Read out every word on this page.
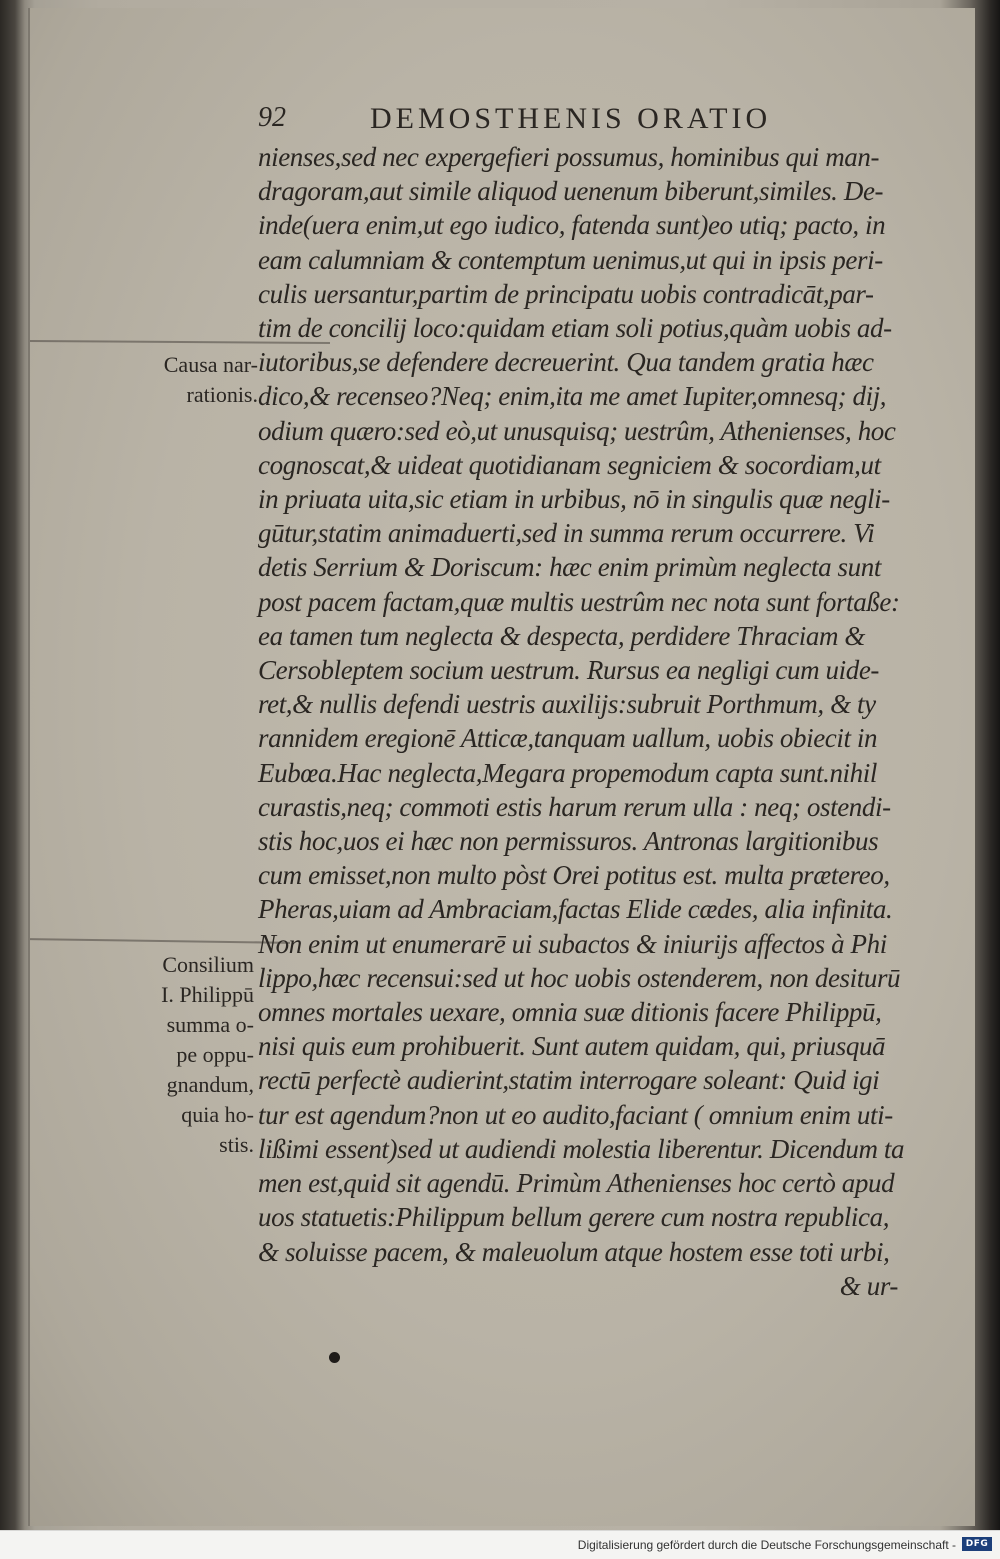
92	DEMOSTHENIS ORATIO
Causa nar-
rationis.
Consilium
I. Philippū
summa o-
pe oppu-
gnandum,
quia ho-
stis.
nienses,sed nec expergefieri possumus, hominibus qui man-
dragoram,aut simile aliquod uenenum biberunt,similes. De-
inde(uera enim,ut ego iudico, fatenda sunt)eo utiq; pacto, in
eam calumniam & contemptum uenimus,ut qui in ipsis peri-
culis uersantur,partim de principatu uobis contradicāt,par-
tim de concilij loco:quidam etiam soli potius,quàm uobis ad-
iutoribus,se defendere decreuerint. Qua tandem gratia hæc
dico,& recenseo?Neq; enim,ita me amet Iupiter,omnesq; dij,
odium quæro:sed eò,ut unusquisq; uestrûm, Athenienses, hoc
cognoscat,& uideat quotidianam segniciem & socordiam,ut
in priuata uita,sic etiam in urbibus, nō in singulis quæ negli-
gūtur,statim animaduerti,sed in summa rerum occurrere. Vi
detis Serrium & Doriscum: hæc enim primùm neglecta sunt
post pacem factam,quæ multis uestrûm nec nota sunt fortaße:
ea tamen tum neglecta & despecta, perdidere Thraciam &
Cersobleptem socium uestrum. Rursus ea negligi cum uide-
ret,& nullis defendi uestris auxilijs:subruit Porthmum, & ty
rannidem eregionē Atticæ,tanquam uallum, uobis obiecit in
Eubœa.Hac neglecta,Megara propemodum capta sunt.nihil
curastis,neq; commoti estis harum rerum ulla : neq; ostendi-
stis hoc,uos ei hæc non permissuros. Antronas largitionibus
cum emisset,non multo pòst Orei potitus est. multa prætereo,
Pheras,uiam ad Ambraciam,factas Elide cædes, alia infinita.
Non enim ut enumerarē ui subactos & iniurijs affectos à Phi
lippo,hæc recensui:sed ut hoc uobis ostenderem, non desiturū
omnes mortales uexare, omnia suæ ditionis facere Philippū,
nisi quis eum prohibuerit. Sunt autem quidam, qui, priusquā
rectū perfectè audierint,statim interrogare soleant: Quid igi
tur est agendum?non ut eo audito,faciant ( omnium enim uti-
lißimi essent)sed ut audiendi molestia liberentur. Dicendum ta
men est,quid sit agendū. Primùm Athenienses hoc certò apud
uos statuetis:Philippum bellum gerere cum nostra republica,
& soluisse pacem, & maleuolum atque hostem esse toti urbi,
& ur-
Digitalisierung gefördert durch die Deutsche Forschungsgemeinschaft -	DFG
